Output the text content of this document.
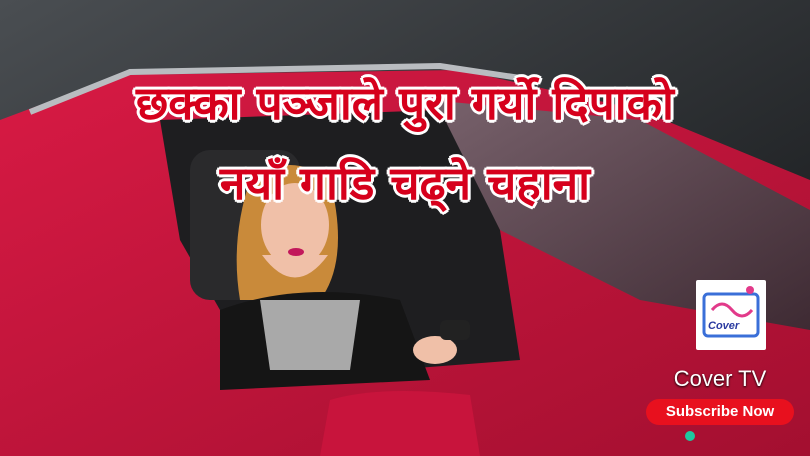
छक्का पञ्जाले पुरा गर्यो दिपाको
नयाँ गाडि चढ्ने चहाना
Cover
Cover TV
Subscribe Now
